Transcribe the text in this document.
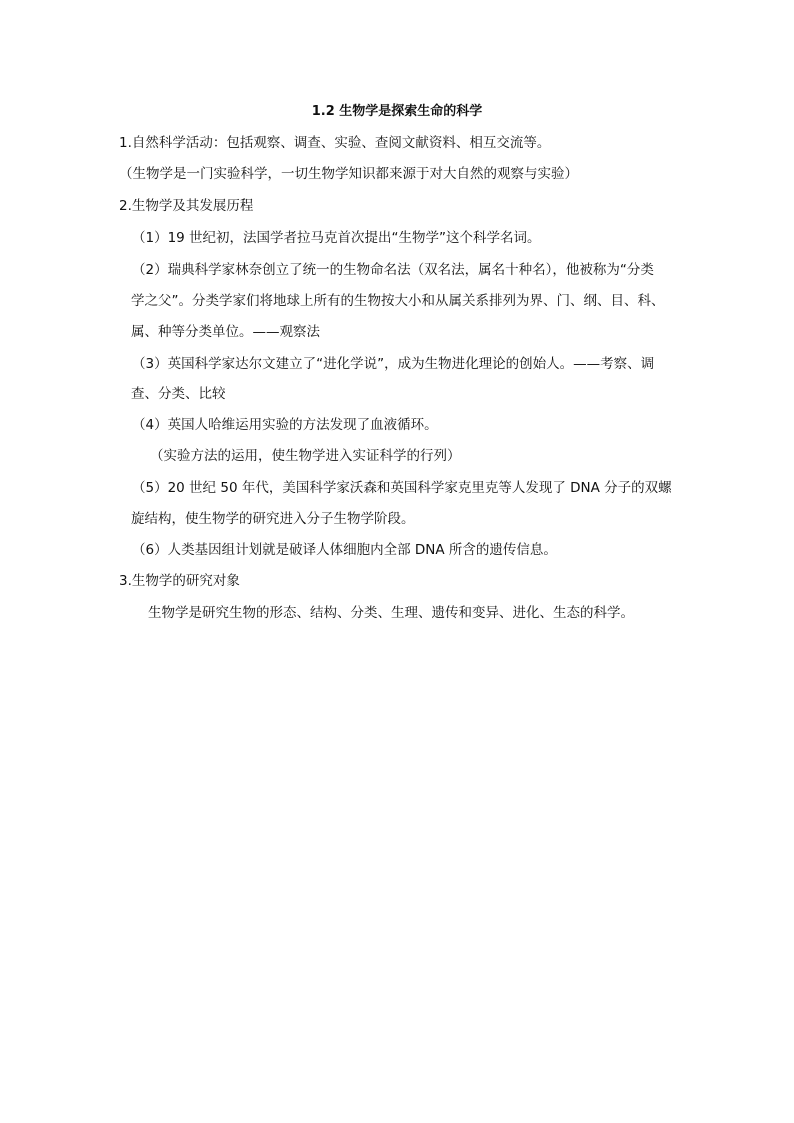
1.2 生物学是探索生命的科学
1.自然科学活动：包括观察、调查、实验、查阅文献资料、相互交流等。
（生物学是一门实验科学，一切生物学知识都来源于对大自然的观察与实验）
2.生物学及其发展历程
（1）19 世纪初，法国学者拉马克首次提出“生物学”这个科学名词。
（2）瑞典科学家林奈创立了统一的生物命名法（双名法，属名十种名），他被称为“分类
学之父”。分类学家们将地球上所有的生物按大小和从属关系排列为界、门、纲、目、科、
属、种等分类单位。——观察法
（3）英国科学家达尔文建立了“进化学说”，成为生物进化理论的创始人。——考察、调
查、分类、比较
（4）英国人哈维运用实验的方法发现了血液循环。
（实验方法的运用，使生物学进入实证科学的行列）
（5）20 世纪 50 年代，美国科学家沃森和英国科学家克里克等人发现了 DNA 分子的双螺
旋结构，使生物学的研究进入分子生物学阶段。
（6）人类基因组计划就是破译人体细胞内全部 DNA 所含的遗传信息。
3.生物学的研究对象
生物学是研究生物的形态、结构、分类、生理、遗传和变异、进化、生态的科学。
